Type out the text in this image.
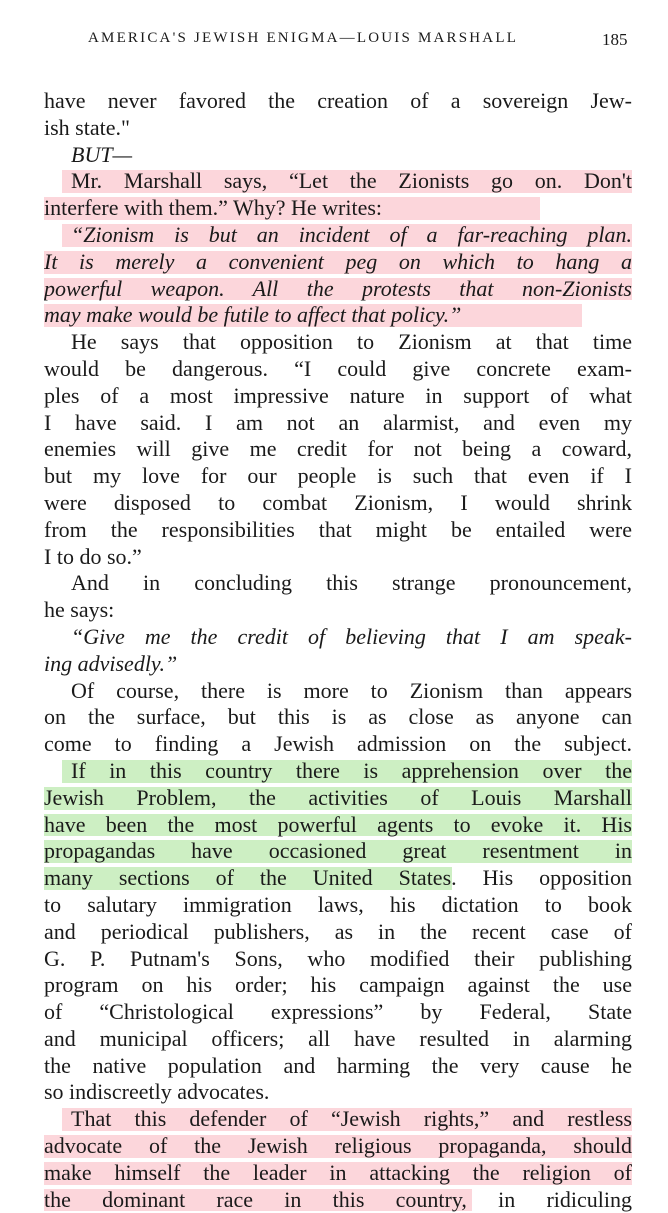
AMERICA'S JEWISH ENIGMA—LOUIS MARSHALL	185
have never favored the creation of a sovereign Jew-
ish state."
BUT—
Mr. Marshall says, “Let the Zionists go on. Don't
interfere with them.” Why? He writes:
“Zionism is but an incident of a far-reaching plan.
It is merely a convenient peg on which to hang a
powerful weapon. All the protests that non-Zionists
may make would be futile to affect that policy.”
He says that opposition to Zionism at that time
would be dangerous. “I could give concrete exam-
ples of a most impressive nature in support of what
I have said. I am not an alarmist, and even my
enemies will give me credit for not being a coward,
but my love for our people is such that even if I
were disposed to combat Zionism, I would shrink
from the responsibilities that might be entailed were
I to do so.”
And in concluding this strange pronouncement,
he says:
“Give me the credit of believing that I am speak-
ing advisedly.”
Of course, there is more to Zionism than appears
on the surface, but this is as close as anyone can
come to finding a Jewish admission on the subject.
If in this country there is apprehension over the
Jewish Problem, the activities of Louis Marshall
have been the most powerful agents to evoke it. His
propagandas have occasioned great resentment in
many sections of the United States. His opposition
to salutary immigration laws, his dictation to book
and periodical publishers, as in the recent case of
G. P. Putnam's Sons, who modified their publishing
program on his order; his campaign against the use
of “Christological expressions” by Federal, State
and municipal officers; all have resulted in alarming
the native population and harming the very cause he
so indiscreetly advocates.
That this defender of “Jewish rights,” and restless
advocate of the Jewish religious propaganda, should
make himself the leader in attacking the religion of
the dominant race in this country, in ridiculing
